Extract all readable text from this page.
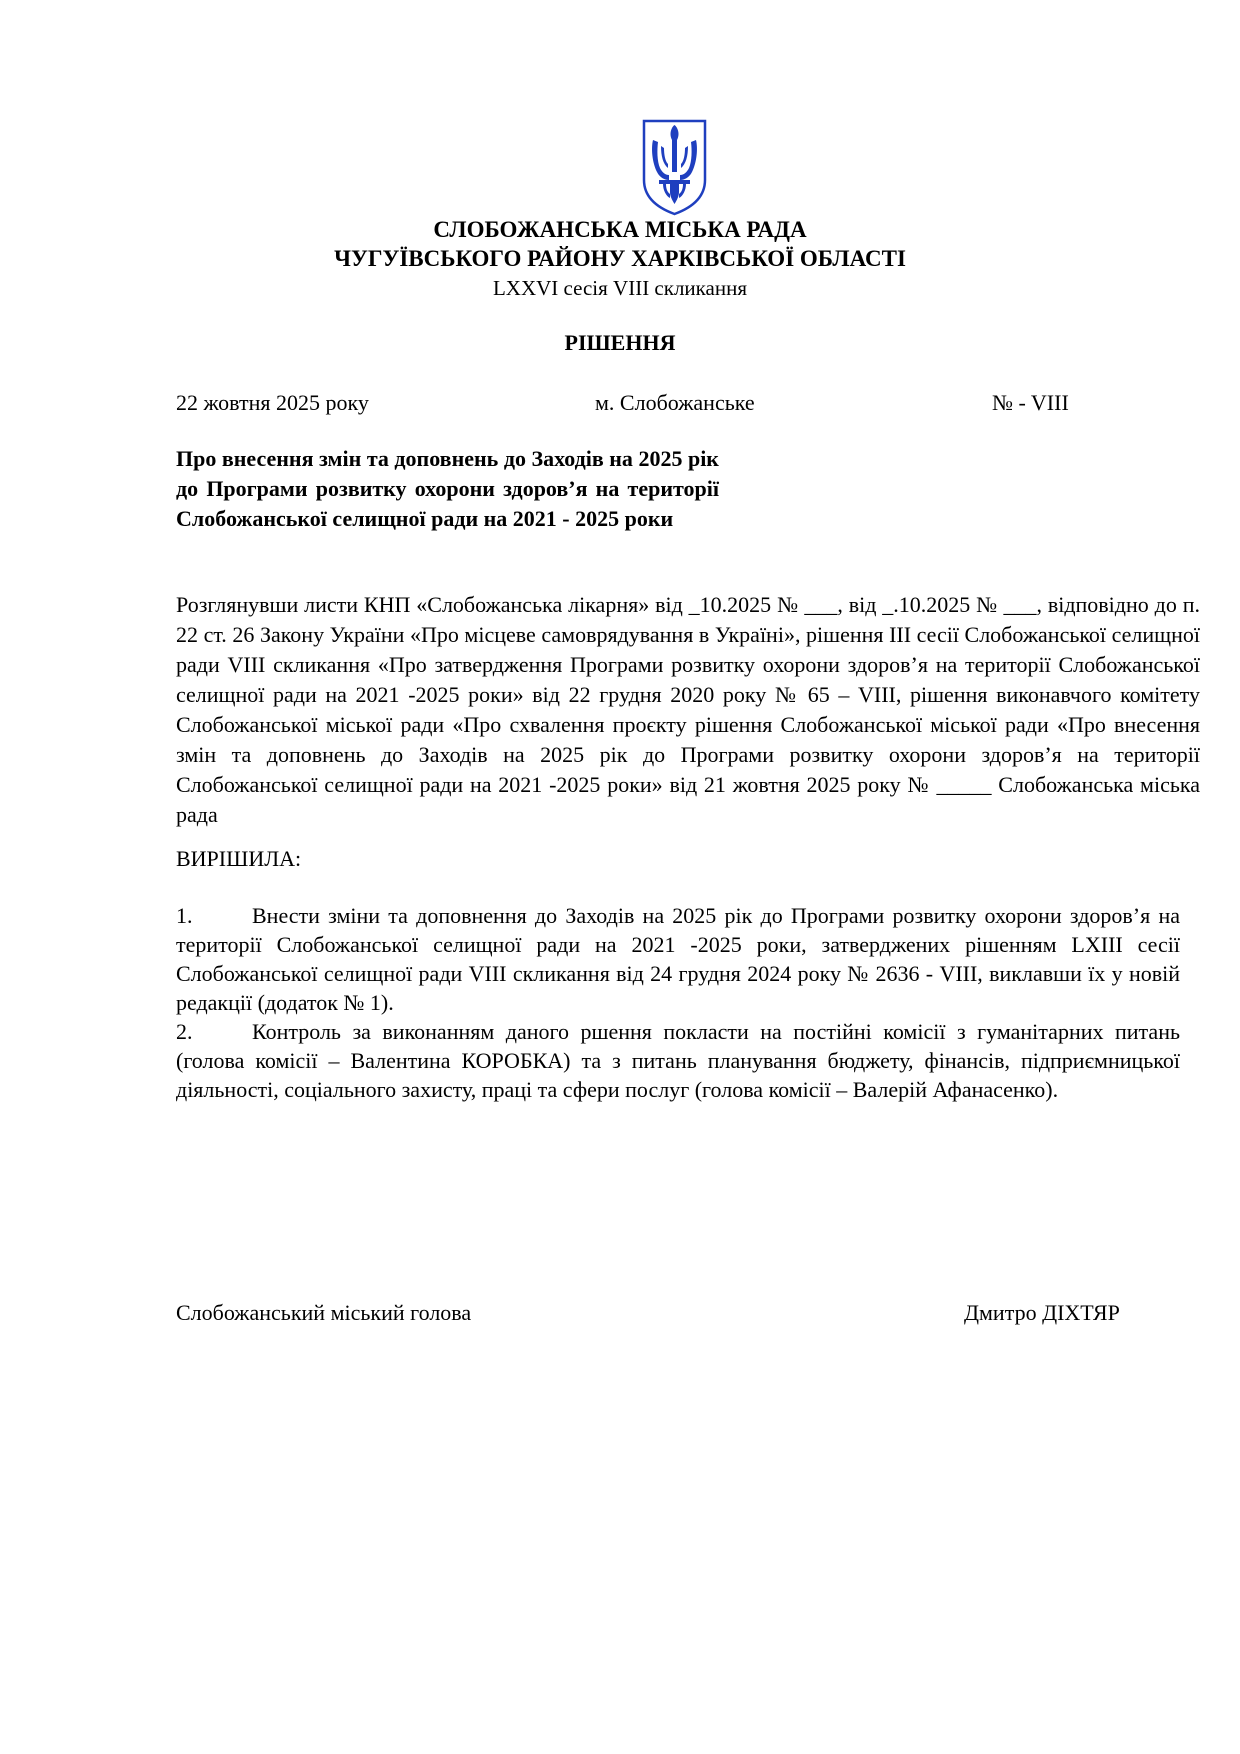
СЛОБОЖАНСЬКА МІСЬКА РАДА
ЧУГУЇВСЬКОГО РАЙОНУ ХАРКІВСЬКОЇ ОБЛАСТІ
LXXVI сесія VIII скликання
РІШЕННЯ
22 жовтня 2025 року	м. Слобожанське	№ - VIII
Про внесення змін та доповнень до Заходів на 2025 рік до Програми розвитку охорони здоров’я на території Слобожанської селищної ради на 2021 - 2025 роки
Розглянувши листи КНП «Слобожанська лікарня» від _10.2025 № ___, від _.10.2025 № ___, відповідно до п. 22 ст. 26 Закону України «Про місцеве самоврядування в Україні», рішення ІІІ сесії Слобожанської селищної ради VIII скликання «Про затвердження Програми розвитку охорони здоров’я на території Слобожанської селищної ради на 2021 -2025 роки» від 22 грудня 2020 року № 65 – VIII, рішення виконавчого комітету Слобожанської міської ради «Про схвалення проєкту рішення Слобожанської міської ради «Про внесення змін та доповнень до Заходів на 2025 рік до Програми розвитку охорони здоров’я на території Слобожанської селищної ради на 2021 -2025 роки» від 21 жовтня 2025 року № _____ Слобожанська міська рада
ВИРІШИЛА:

1.	Внести зміни та доповнення до Заходів на 2025 рік до Програми розвитку охорони здоров’я на території Слобожанської селищної ради на 2021 -2025 роки, затверджених рішенням LXIII сесії Слобожанської селищної ради VIII скликання від 24 грудня 2024 року № 2636 - VIII, виклавши їх у новій редакції (додаток № 1).

2.	Контроль за виконанням даного ршення покласти на постійні комісії з гуманітарних питань (голова комісії – Валентина КОРОБКА) та з питань планування бюджету, фінансів, підприємницької діяльності, соціального захисту, праці та сфери послуг (голова комісії – Валерій Афанасенко).

Слобожанський міський голова	Дмитро ДІХТЯР
